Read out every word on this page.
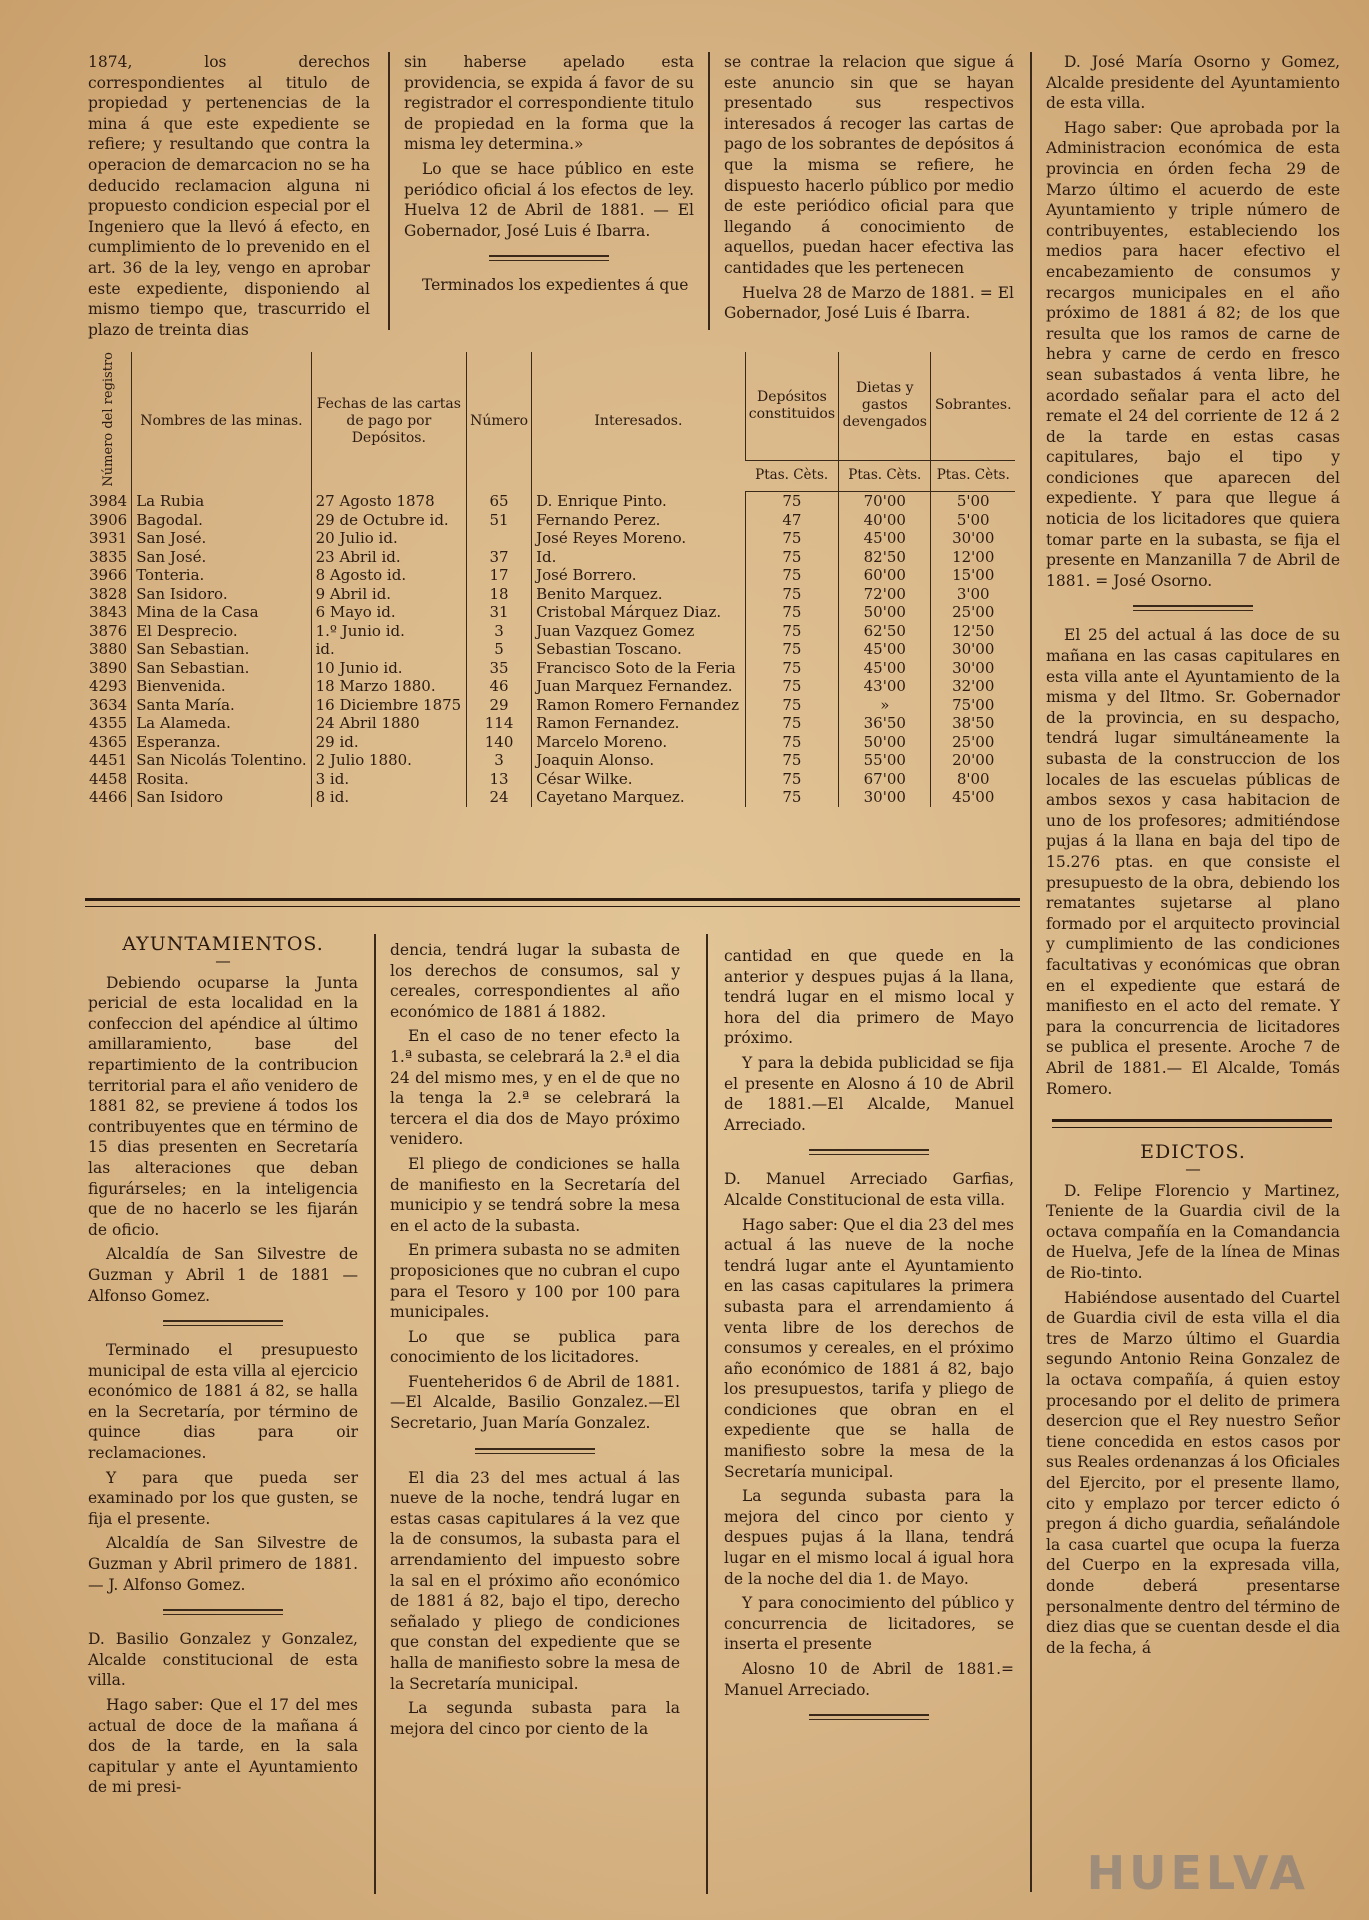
1874, los derechos correspondientes al titulo de propiedad y pertenencias de la mina á que este expediente se refiere; y resultando que contra la operacion de demarcacion no se ha deducido reclamacion alguna ni propuesto condicion especial por el Ingeniero que la llevó á efecto, en cumplimiento de lo prevenido en el art. 36 de la ley, vengo en aprobar este expediente, disponiendo al mismo tiempo que, trascurrido el plazo de treinta dias

sin haberse apelado esta providencia, se expida á favor de su registrador el correspondiente titulo de propiedad en la forma que la misma ley determina.»

Lo que se hace público en este periódico oficial á los efectos de ley. Huelva 12 de Abril de 1881. — El Gobernador, José Luis é Ibarra.

Terminados los expedientes á que

se contrae la relacion que sigue á este anuncio sin que se hayan presentado sus respectivos interesados á recoger las cartas de pago de los sobrantes de depósitos á que la misma se refiere, he dispuesto hacerlo público por medio de este periódico oficial para que llegando á conocimiento de aquellos, puedan hacer efectiva las cantidades que les pertenecen

Huelva 28 de Marzo de 1881. = El Gobernador, José Luis é Ibarra.

D. José María Osorno y Gomez, Alcalde presidente del Ayuntamiento de esta villa.

Hago saber: Que aprobada por la Administracion económica de esta provincia en órden fecha 29 de Marzo último el acuerdo de este Ayuntamiento y triple número de contribuyentes, estableciendo los medios para hacer efectivo el encabezamiento de consumos y recargos municipales en el año próximo de 1881 á 82; de los que resulta que los ramos de carne de hebra y carne de cerdo en fresco sean subastados á venta libre, he acordado señalar para el acto del remate el 24 del corriente de 12 á 2 de la tarde en estas casas capitulares, bajo el tipo y condiciones que aparecen del expediente. Y para que llegue á noticia de los licitadores que quiera tomar parte en la subasta, se fija el presente en Manzanilla 7 de Abril de 1881. = José Osorno.

El 25 del actual á las doce de su mañana en las casas capitulares en esta villa ante el Ayuntamiento de la misma y del Iltmo. Sr. Gobernador de la provincia, en su despacho, tendrá lugar simultáneamente la subasta de la construccion de los locales de las escuelas públicas de ambos sexos y casa habitacion de uno de los profesores; admitiéndose pujas á la llana en baja del tipo de 15.276 ptas. en que consiste el presupuesto de la obra, debiendo los rematantes sujetarse al plano formado por el arquitecto provincial y cumplimiento de las condiciones facultativas y económicas que obran en el expediente que estará de manifiesto en el acto del remate. Y para la concurrencia de licitadores se publica el presente. Aroche 7 de Abril de 1881.— El Alcalde, Tomás Romero.

EDICTOS.
—

D. Felipe Florencio y Martinez, Teniente de la Guardia civil de la octava compañía en la Comandancia de Huelva, Jefe de la línea de Minas de Rio-tinto.

Habiéndose ausentado del Cuartel de Guardia civil de esta villa el dia tres de Marzo último el Guardia segundo Antonio Reina Gonzalez de la octava compañía, á quien estoy procesando por el delito de primera desercion que el Rey nuestro Señor tiene concedida en estos casos por sus Reales ordenanzas á los Oficiales del Ejercito, por el presente llamo, cito y emplazo por tercer edicto ó pregon á dicho guardia, señalándole la casa cuartel que ocupa la fuerza del Cuerpo en la expresada villa, donde deberá presentarse personalmente dentro del término de diez dias que se cuentan desde el dia de la fecha, á

Número del registro	Nombres de las minas.	Fechas de las cartas de pago por Depósitos.	Número	Interesados.	Depósitos constituidos	Dietas y gastos devengados	Sobrantes.
					Ptas. Cèts.	Ptas. Cèts.	Ptas. Cèts.
3984	La Rubia	27 Agosto 1878	65	D. Enrique Pinto.	75	70'00	5'00
3906	Bagodal.	29 de Octubre id.	51	Fernando Perez.	47	40'00	5'00
3931	San José.	20 Julio id.		José Reyes Moreno.	75	45'00	30'00
3835	San José.	23 Abril id.	37	Id.	75	82'50	12'00
3966	Tonteria.	8 Agosto id.	17	José Borrero.	75	60'00	15'00
3828	San Isidoro.	9 Abril id.	18	Benito Marquez.	75	72'00	3'00
3843	Mina de la Casa	6 Mayo id.	31	Cristobal Márquez Diaz.	75	50'00	25'00
3876	El Desprecio.	1.º Junio id.	3	Juan Vazquez Gomez	75	62'50	12'50
3880	San Sebastian.	id.	5	Sebastian Toscano.	75	45'00	30'00
3890	San Sebastian.	10 Junio id.	35	Francisco Soto de la Feria	75	45'00	30'00
4293	Bienvenida.	18 Marzo 1880.	46	Juan Marquez Fernandez.	75	43'00	32'00
3634	Santa María.	16 Diciembre 1875	29	Ramon Romero Fernandez	75	»	75'00
4355	La Alameda.	24 Abril 1880	114	Ramon Fernandez.	75	36'50	38'50
4365	Esperanza.	29 id.	140	Marcelo Moreno.	75	50'00	25'00
4451	San Nicolás Tolentino.	2 Julio 1880.	3	Joaquin Alonso.	75	55'00	20'00
4458	Rosita.	3 id.	13	César Wilke.	75	67'00	8'00
4466	San Isidoro	8 id.	24	Cayetano Marquez.	75	30'00	45'00
AYUNTAMIENTOS.
—

Debiendo ocuparse la Junta pericial de esta localidad en la confeccion del apéndice al último amillaramiento, base del repartimiento de la contribucion territorial para el año venidero de 1881 82, se previene á todos los contribuyentes que en término de 15 dias presenten en Secretaría las alteraciones que deban figurárseles; en la inteligencia que de no hacerlo se les fijarán de oficio.

Alcaldía de San Silvestre de Guzman y Abril 1 de 1881 — Alfonso Gomez.

Terminado el presupuesto municipal de esta villa al ejercicio económico de 1881 á 82, se halla en la Secretaría, por término de quince dias para oir reclamaciones.

Y para que pueda ser examinado por los que gusten, se fija el presente.

Alcaldía de San Silvestre de Guzman y Abril primero de 1881.— J. Alfonso Gomez.

D. Basilio Gonzalez y Gonzalez, Alcalde constitucional de esta villa.

Hago saber: Que el 17 del mes actual de doce de la mañana á dos de la tarde, en la sala capitular y ante el Ayuntamiento de mi presi-

dencia, tendrá lugar la subasta de los derechos de consumos, sal y cereales, correspondientes al año económico de 1881 á 1882.

En el caso de no tener efecto la 1.ª subasta, se celebrará la 2.ª el dia 24 del mismo mes, y en el de que no la tenga la 2.ª se celebrará la tercera el dia dos de Mayo próximo venidero.

El pliego de condiciones se halla de manifiesto en la Secretaría del municipio y se tendrá sobre la mesa en el acto de la subasta.

En primera subasta no se admiten proposiciones que no cubran el cupo para el Tesoro y 100 por 100 para municipales.

Lo que se publica para conocimiento de los licitadores.

Fuenteheridos 6 de Abril de 1881.—El Alcalde, Basilio Gonzalez.—El Secretario, Juan María Gonzalez.

El dia 23 del mes actual á las nueve de la noche, tendrá lugar en estas casas capitulares á la vez que la de consumos, la subasta para el arrendamiento del impuesto sobre la sal en el próximo año económico de 1881 á 82, bajo el tipo, derecho señalado y pliego de condiciones que constan del expediente que se halla de manifiesto sobre la mesa de la Secretaría municipal.

La segunda subasta para la mejora del cinco por ciento de la

cantidad en que quede en la anterior y despues pujas á la llana, tendrá lugar en el mismo local y hora del dia primero de Mayo próximo.

Y para la debida publicidad se fija el presente en Alosno á 10 de Abril de 1881.—El Alcalde, Manuel Arreciado.

D. Manuel Arreciado Garfias, Alcalde Constitucional de esta villa.

Hago saber: Que el dia 23 del mes actual á las nueve de la noche tendrá lugar ante el Ayuntamiento en las casas capitulares la primera subasta para el arrendamiento á venta libre de los derechos de consumos y cereales, en el próximo año económico de 1881 á 82, bajo los presupuestos, tarifa y pliego de condiciones que obran en el expediente que se halla de manifiesto sobre la mesa de la Secretaría municipal.

La segunda subasta para la mejora del cinco por ciento y despues pujas á la llana, tendrá lugar en el mismo local á igual hora de la noche del dia 1. de Mayo.

Y para conocimiento del público y concurrencia de licitadores, se inserta el presente

Alosno 10 de Abril de 1881.= Manuel Arreciado.

HUELVA
